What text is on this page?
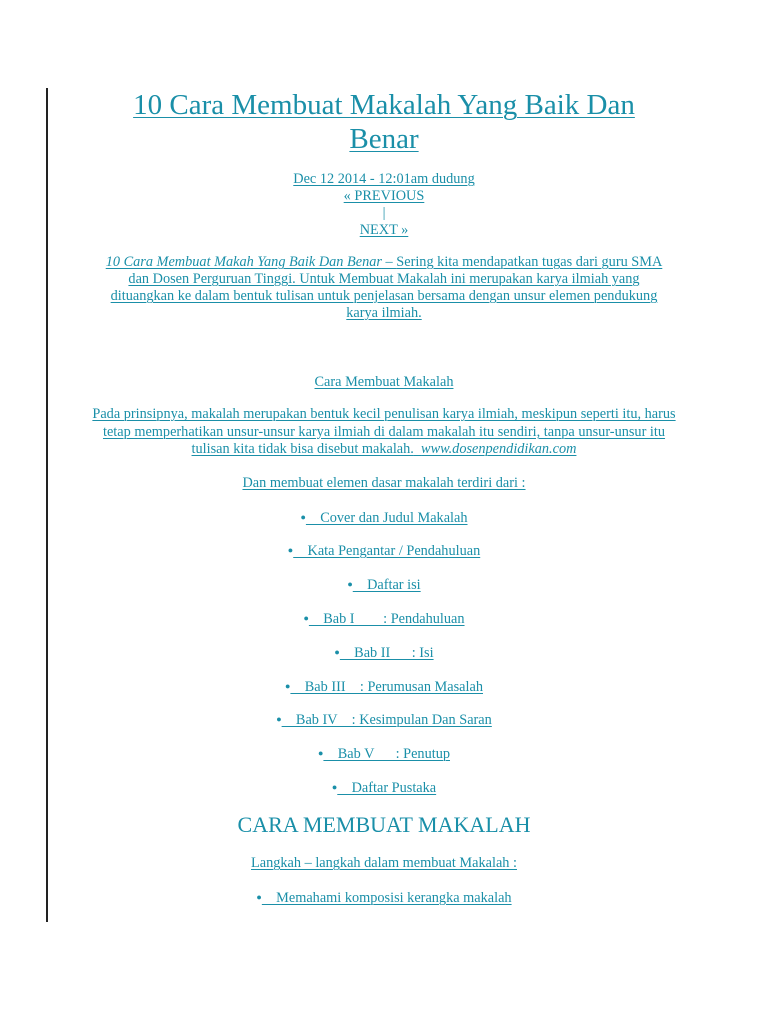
10 Cara Membuat Makalah Yang Baik Dan Benar
Dec 12 2014 - 12:01am dudung
« PREVIOUS
|
NEXT »
10 Cara Membuat Makah Yang Baik Dan Benar – Sering kita mendapatkan tugas dari guru SMA dan Dosen Perguruan Tinggi. Untuk Membuat Makalah ini merupakan karya ilmiah yang dituangkan ke dalam bentuk tulisan untuk penjelasan bersama dengan unsur elemen pendukung karya ilmiah.
Cara Membuat Makalah
Pada prinsipnya, makalah merupakan bentuk kecil penulisan karya ilmiah, meskipun seperti itu, harus tetap memperhatikan unsur-unsur karya ilmiah di dalam makalah itu sendiri, tanpa unsur-unsur itu tulisan kita tidak bisa disebut makalah. www.dosenpendidikan.com
Dan membuat elemen dasar makalah terdiri dari :
●    Cover dan Judul Makalah
●    Kata Pengantar / Pendahuluan
●    Daftar isi
●    Bab I        : Pendahuluan
●    Bab II      : Isi
●    Bab III    : Perumusan Masalah
●    Bab IV    : Kesimpulan Dan Saran
●    Bab V      : Penutup
●    Daftar Pustaka
CARA MEMBUAT MAKALAH
Langkah – langkah dalam membuat Makalah :
●    Memahami komposisi kerangka makalah
